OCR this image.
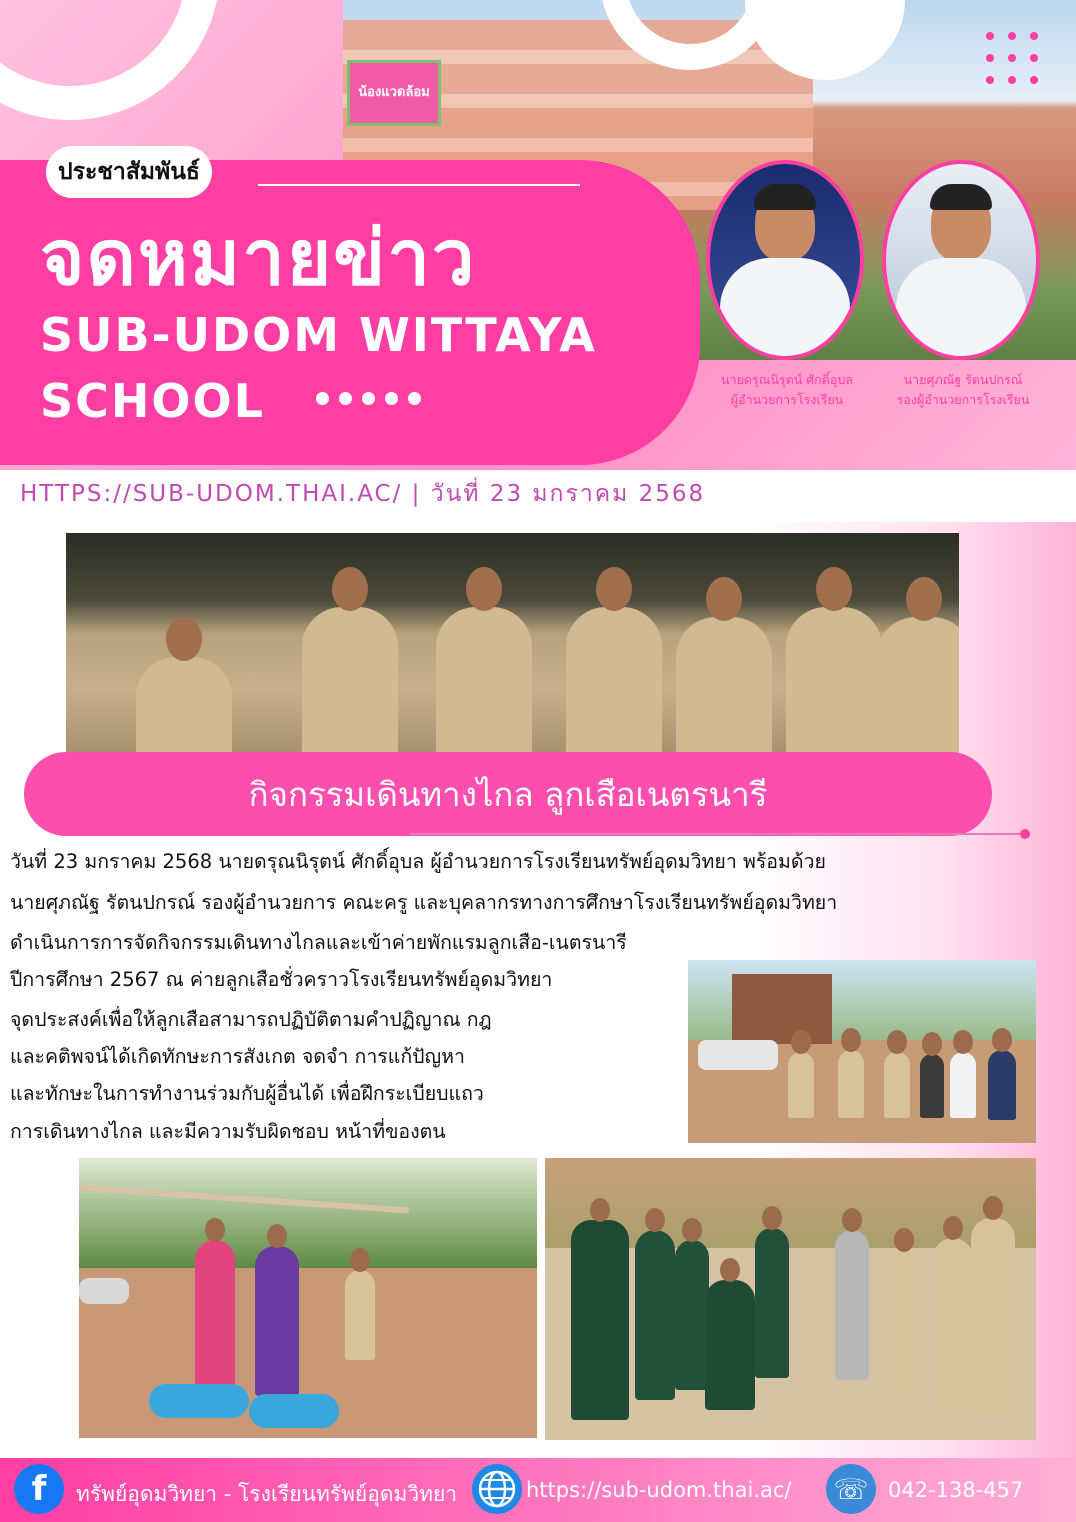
น้องแวดล้อม
ประชาสัมพันธ์
จดหมายข่าว
SUB-UDOM WITTAYA
SCHOOL	นายดรุณนิรุตน์ ศักดิ์อุบล
ผู้อำนวยการโรงเรียน
นายศุภณัฐ รัตนปกรณ์
รองผู้อำนวยการโรงเรียน
HTTPS://SUB-UDOM.THAI.AC/ | วันที่ 23 มกราคม 2568
กิจกรรมเดินทางไกล ลูกเสือเนตรนารี
วันที่ 23 มกราคม 2568 นายดรุณนิรุตน์ ศักดิ์อุบล ผู้อำนวยการโรงเรียนทรัพย์อุดมวิทยา พร้อมด้วย
นายศุภณัฐ รัตนปกรณ์ รองผู้อำนวยการ คณะครู และบุคลากรทางการศึกษาโรงเรียนทรัพย์อุดมวิทยา
ดำเนินการการจัดกิจกรรมเดินทางไกลและเข้าค่ายพักแรมลูกเสือ-เนตรนารี
ปีการศึกษา 2567 ณ ค่ายลูกเสือชั่วคราวโรงเรียนทรัพย์อุดมวิทยา
จุดประสงค์เพื่อให้ลูกเสือสามารถปฏิบัติตามคำปฏิญาณ กฎ
และคติพจน์ได้เกิดทักษะการสังเกต จดจำ การแก้ปัญหา
และทักษะในการทำงานร่วมกับผู้อื่นได้ เพื่อฝึกระเบียบแถว
การเดินทางไกล และมีความรับผิดชอบ หน้าที่ของตน
f ทรัพย์อุดมวิทยา - โรงเรียนทรัพย์อุดมวิทยา	https://sub-udom.thai.ac/ ☏ 042-138-457
